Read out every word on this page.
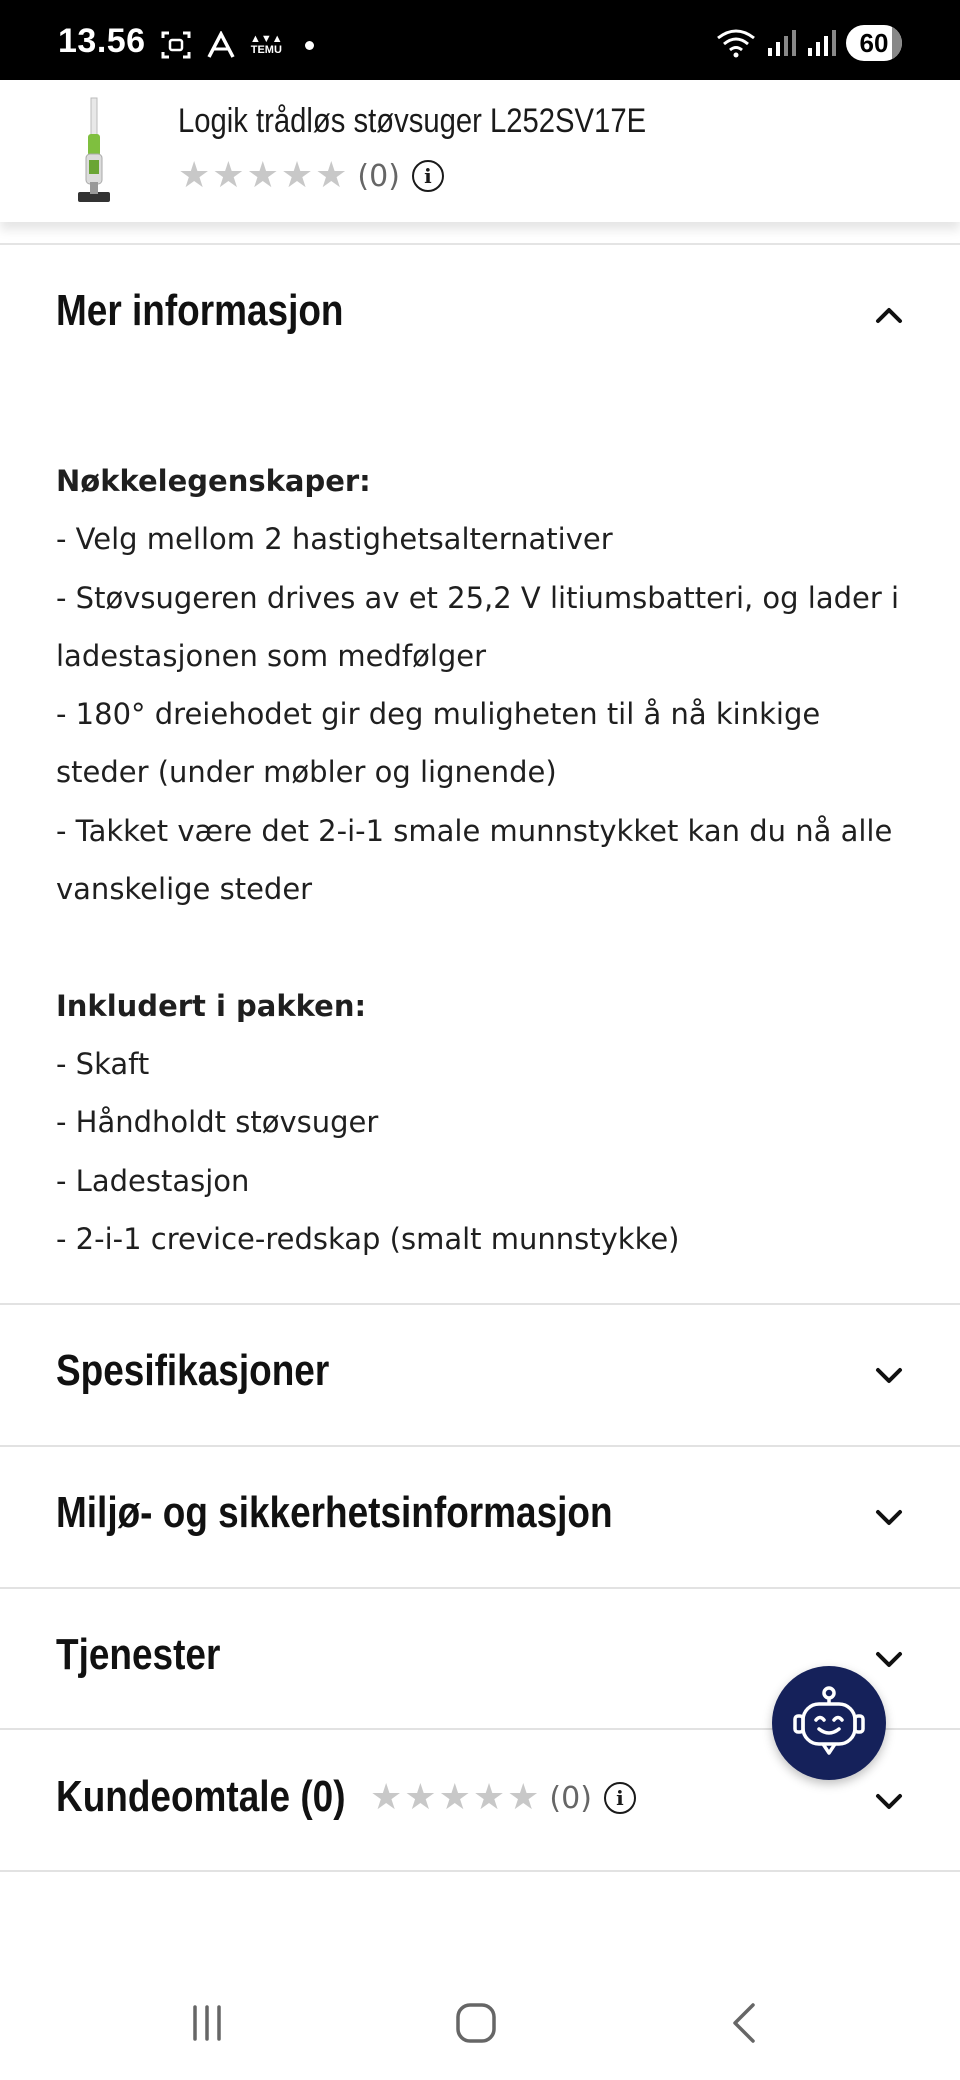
13.56	▲▼▲
TEMU	60
Logik trådløs støvsuger L252SV17E
★ ★ ★ ★ ★ (0)	i
Mer informasjon
Nøkkelegenskaper:
- Velg mellom 2 hastighetsalternativer
- Støvsugeren drives av et 25,2 V litiumsbatteri, og lader i ladestasjonen som medfølger
- 180° dreiehodet gir deg muligheten til å nå kinkige steder (under møbler og lignende)
- Takket være det 2-i-1 smale munnstykket kan du nå alle vanskelige steder
Inkludert i pakken:
- Skaft
- Håndholdt støvsuger
- Ladestasjon
- 2-i-1 crevice-redskap (smalt munnstykke)
Spesifikasjoner
Miljø- og sikkerhetsinformasjon
Tjenester
Kundeomtale (0) ★ ★ ★ ★ ★ (0)	i
